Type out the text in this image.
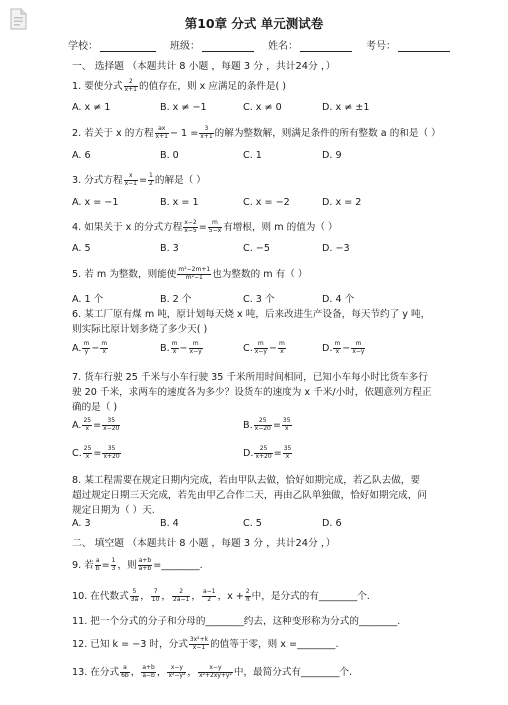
第10章 分式 单元测试卷
学校：	班级：	姓名：	考号：
一、 选择题 （本题共计 8 小题 ，每题 3 分 ，共计24分 ，）
1. 要使分式 $\frac{2}{x+1}$ 的值存在，则 x 应满足的条件是( )
A. x ≠ 1	B. x ≠ −1	C. x ≠ 0	D. x ≠ ±1
2. 若关于 x 的方程 $\frac{ax}{x+1} - 1 = \frac{3}{x+1}$ 的解为整数解，则满足条件的所有整数 a 的和是（ ）
A. 6	B. 0	C. 1	D. 9
3. 分式方程 $\frac{x}{x-1} = \frac{1}{2}$ 的解是（ ）
A. x = −1	B. x = 1	C. x = −2	D. x = 2
4. 如果关于 x 的分式方程 $\frac{x-2}{x-5} = \frac{m}{5-x}$ 有增根，则 m 的值为（ ）
A. 5	B. 3	C. −5	D. −3
5. 若 m 为整数，则能使 $\frac{\text{m²−2m+1}}{\text{m²−1}}$ 也为整数的 m 有（ ）
A. 1 个	B. 2 个	C. 3 个	D. 4 个
6. 某工厂原有煤 m 吨，原计划每天烧 x 吨，后来改进生产设备，每天节约了 y 吨，
则实际比原计划多烧了多少天( )
A. $\frac{m}{y} - \frac{m}{x}$	B. $\frac{m}{x} - \frac{m}{x-y}$	C. $\frac{m}{x-y} - \frac{m}{x}$	D. $\frac{m}{x} - \frac{m}{x-y}$
7. 货车行驶 25 千米与小车行驶 35 千米所用时间相同，已知小车每小时比货车多行
驶 20 千米，求两车的速度各为多少？设货车的速度为 x 千米/小时，依题意列方程正
确的是（ )
A. $\frac{25}{x} = \frac{35}{x-20}$	B. $\frac{25}{x-20} = \frac{35}{x}$
C. $\frac{25}{x} = \frac{35}{x+20}$	D. $\frac{25}{x+20} = \frac{35}{x}$
8. 某工程需要在规定日期内完成，若由甲队去做，恰好如期完成，若乙队去做，要
超过规定日期三天完成，若先由甲乙合作二天，再由乙队单独做，恰好如期完成，问
规定日期为（ ）天.
A. 3	B. 4	C. 5	D. 6
二、 填空题 （本题共计 8 小题 ，每题 3 分 ，共计24分 ，）
9. 若 $\frac{a}{b} = \frac{1}{3}$ ，则 $\frac{a+b}{a+b}$ =________.
10. 在代数式 $\frac{5}{3a}$ ， $\frac{7}{10}$ ， $\frac{2}{2a-1}$ ， $\frac{a-1}{2}$ ，$x + \frac{2}{\pi}$ 中，是分式的有________个.
11. 把一个分式的分子和分母的________约去，这种变形称为分式的________.
12. 已知 k = −3 时，分式 $\frac{\text{3x²+k}}{x-1}$ 的值等于零，则 x =________.
13. 在分式 $\frac{a}{6b}$ ， $\frac{a+b}{a-b}$ ， $\frac{x-y}{\text{x²−y²}}$ ， $\frac{x-y}{\text{x²+2xy+y²}}$ 中，最简分式有________个.
